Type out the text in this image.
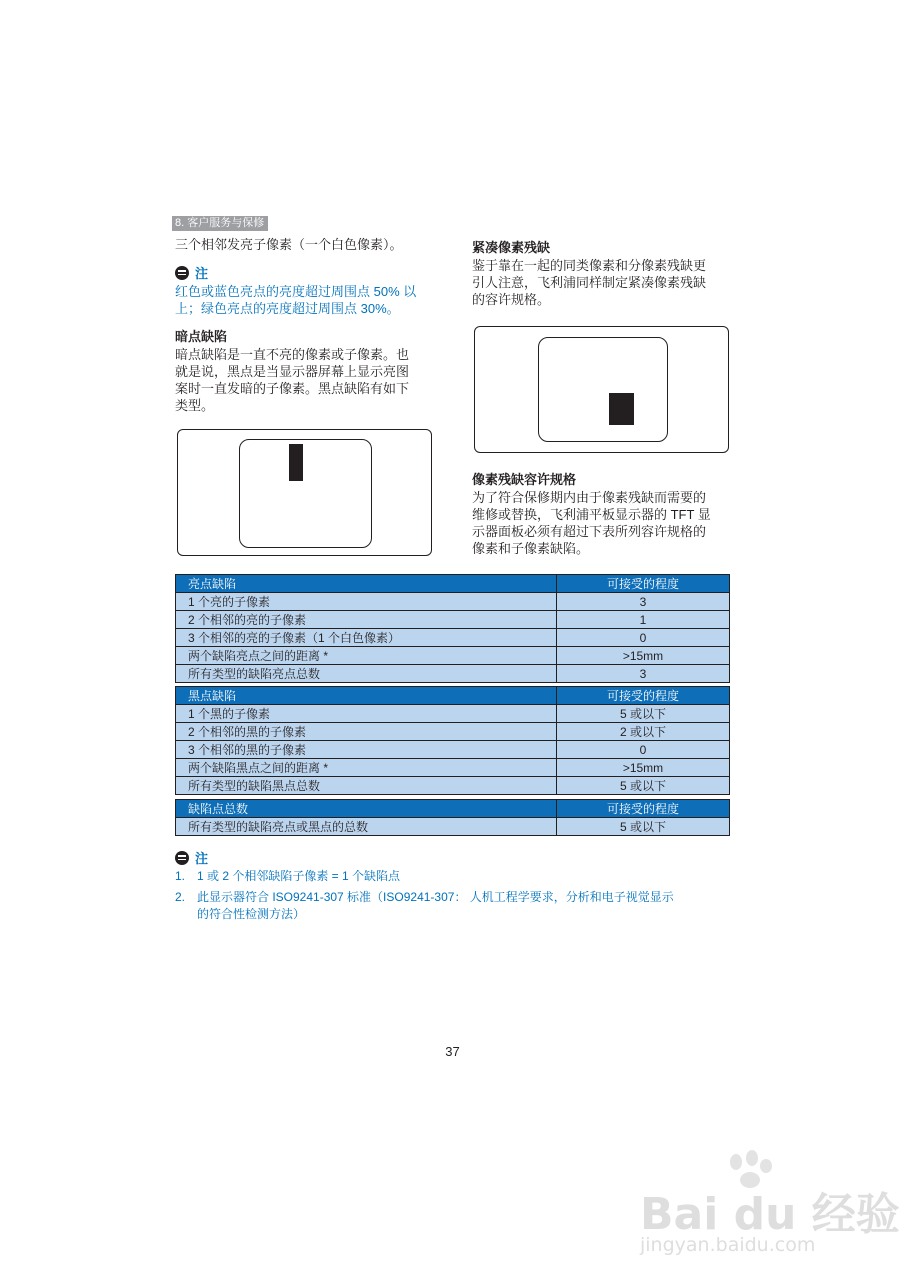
8. 客户服务与保修
三个相邻发亮子像素（一个白色像素）。
注
红色或蓝色亮点的亮度超过周围点 50% 以
上；绿色亮点的亮度超过周围点 30%。
暗点缺陷
暗点缺陷是一直不亮的像素或子像素。也
就是说，黑点是当显示器屏幕上显示亮图
案时一直发暗的子像素。黑点缺陷有如下
类型。
紧凑像素残缺
鉴于靠在一起的同类像素和分像素残缺更
引人注意，飞利浦同样制定紧凑像素残缺
的容许规格。
像素残缺容许规格
为了符合保修期内由于像素残缺而需要的
维修或替换，飞利浦平板显示器的 TFT 显
示器面板必须有超过下表所列容许规格的
像素和子像素缺陷。
亮点缺陷	可接受的程度
1 个亮的子像素	3
2 个相邻的亮的子像素	1
3 个相邻的亮的子像素（1 个白色像素）	0
两个缺陷亮点之间的距离 *	>15mm
所有类型的缺陷亮点总数	3
黑点缺陷	可接受的程度
1 个黑的子像素	5 或以下
2 个相邻的黑的子像素	2 或以下
3 个相邻的黑的子像素	0
两个缺陷黑点之间的距离 *	>15mm
所有类型的缺陷黑点总数	5 或以下
缺陷点总数	可接受的程度
所有类型的缺陷亮点或黑点的总数	5 或以下
注
1. 1 或 2 个相邻缺陷子像素 = 1 个缺陷点
2. 此显示器符合 ISO9241-307 标准（ISO9241-307： 人机工程学要求，分析和电子视觉显示
的符合性检测方法）
37
Bai du 经验
jingyan.baidu.com
